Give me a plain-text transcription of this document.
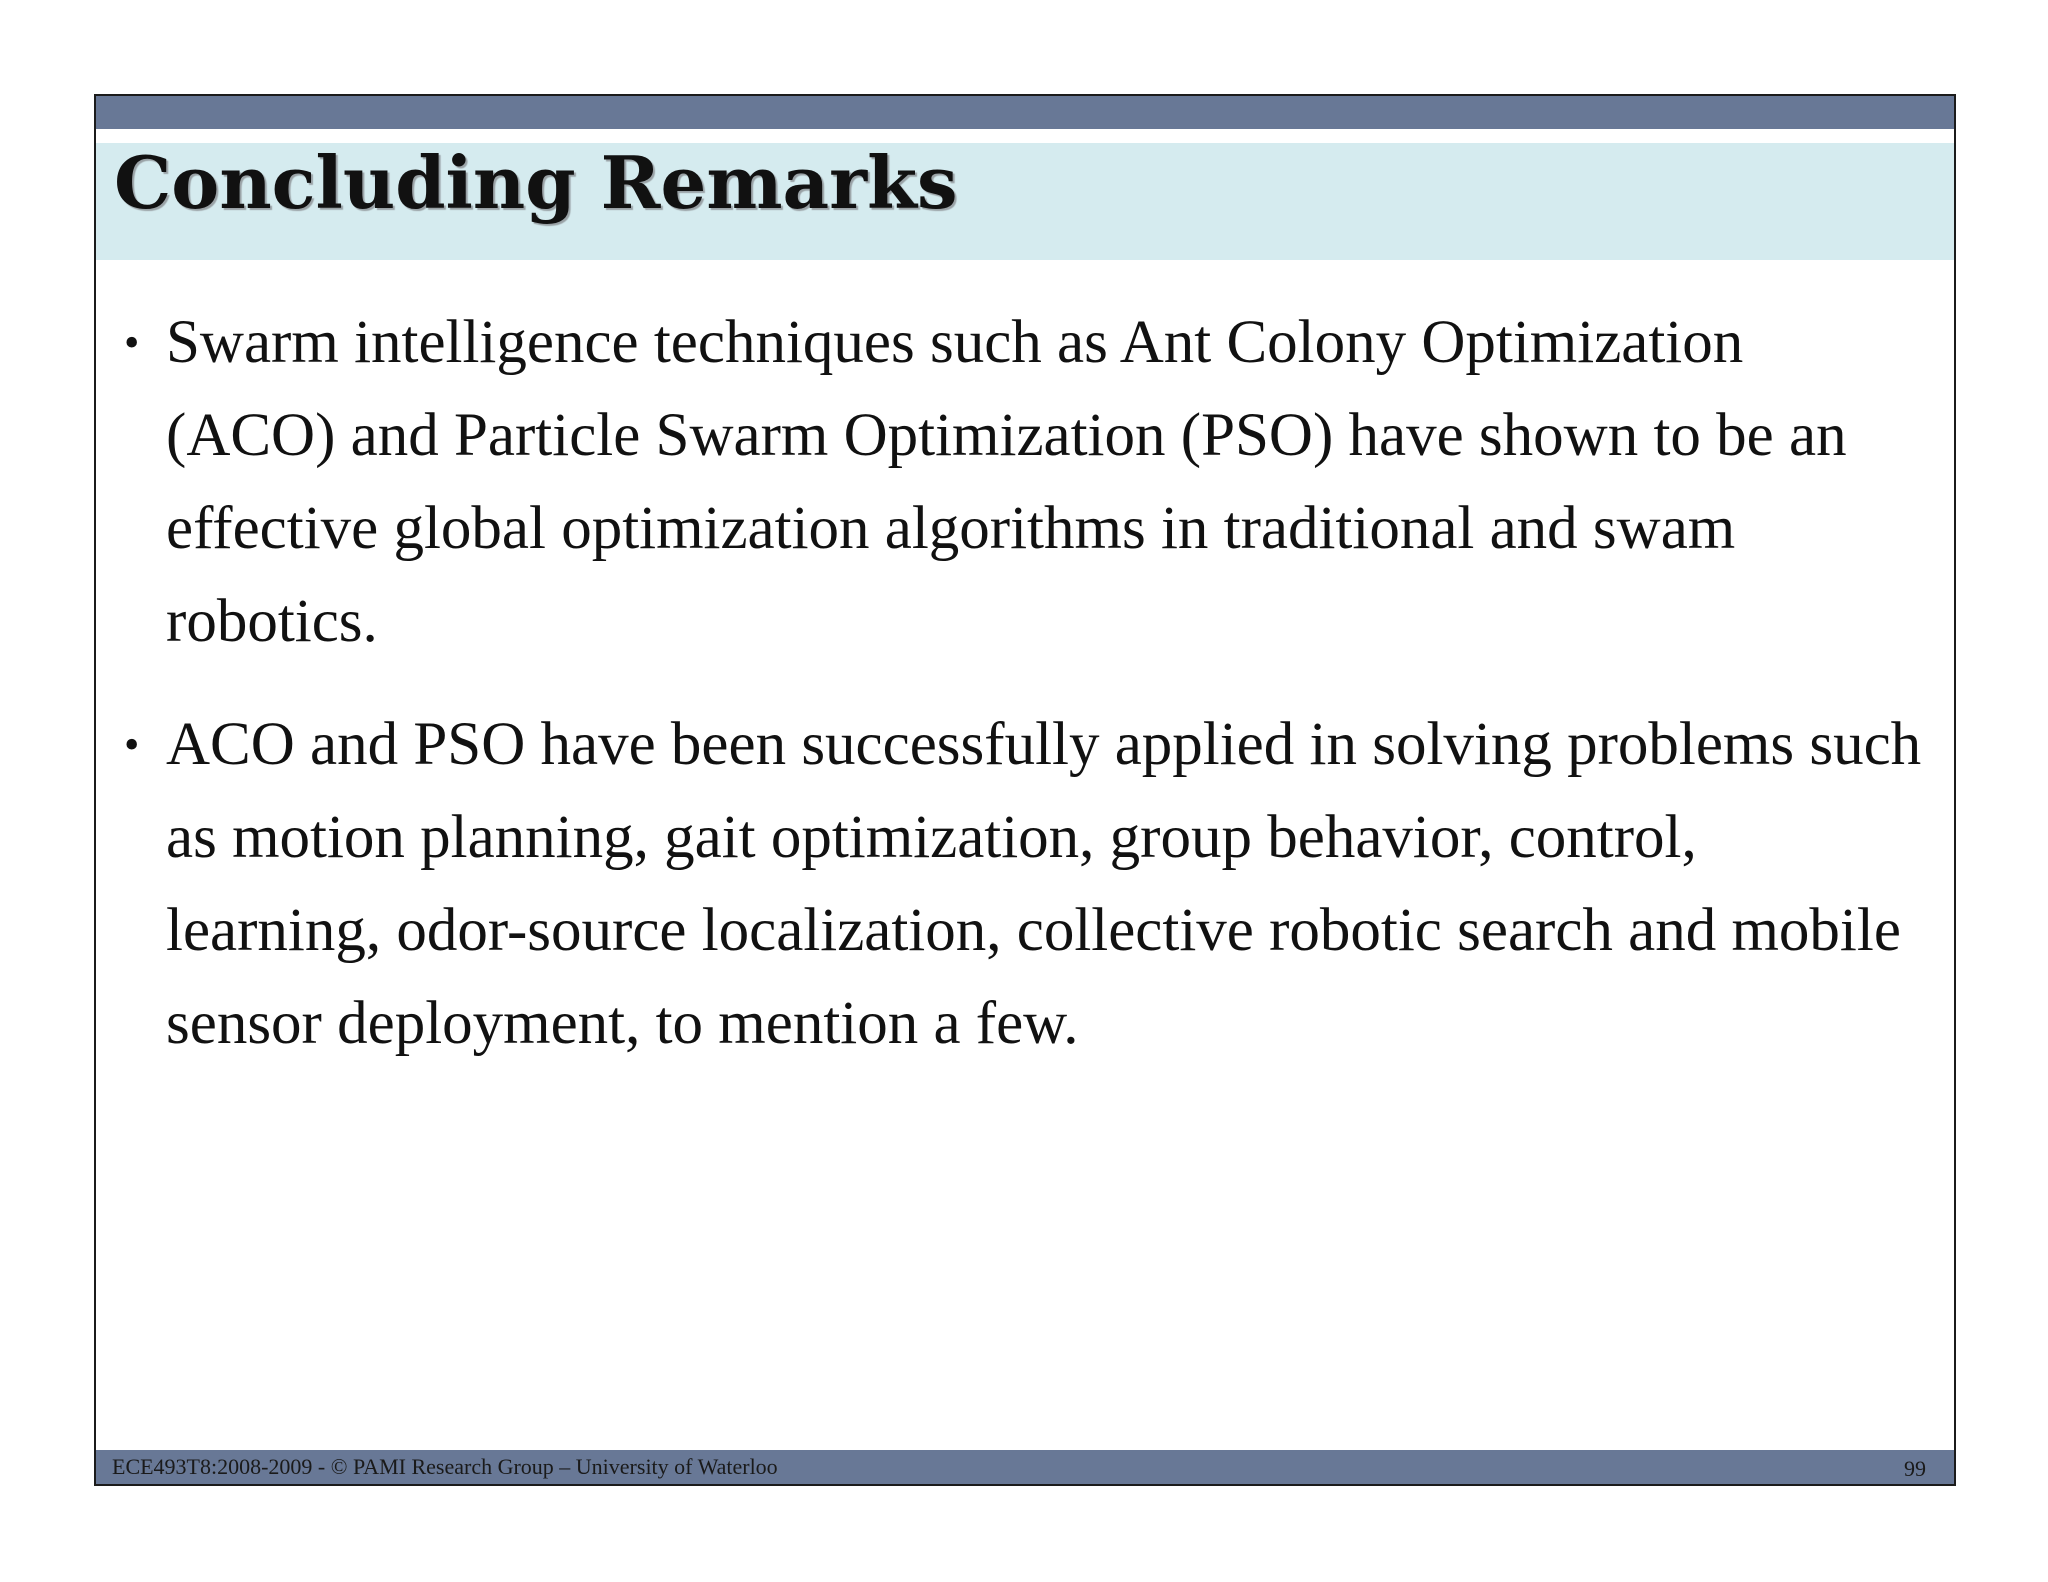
Concluding Remarks
• Swarm intelligence techniques such as Ant Colony Optimization (ACO) and Particle Swarm Optimization (PSO) have shown to be an effective global optimization algorithms in traditional and swam robotics.
• ACO and PSO have been successfully applied in solving problems such as motion planning, gait optimization, group behavior, control, learning, odor-source localization, collective robotic search and mobile sensor deployment, to mention a few.
ECE493T8:2008-2009 - © PAMI Research Group – University of Waterloo	99
